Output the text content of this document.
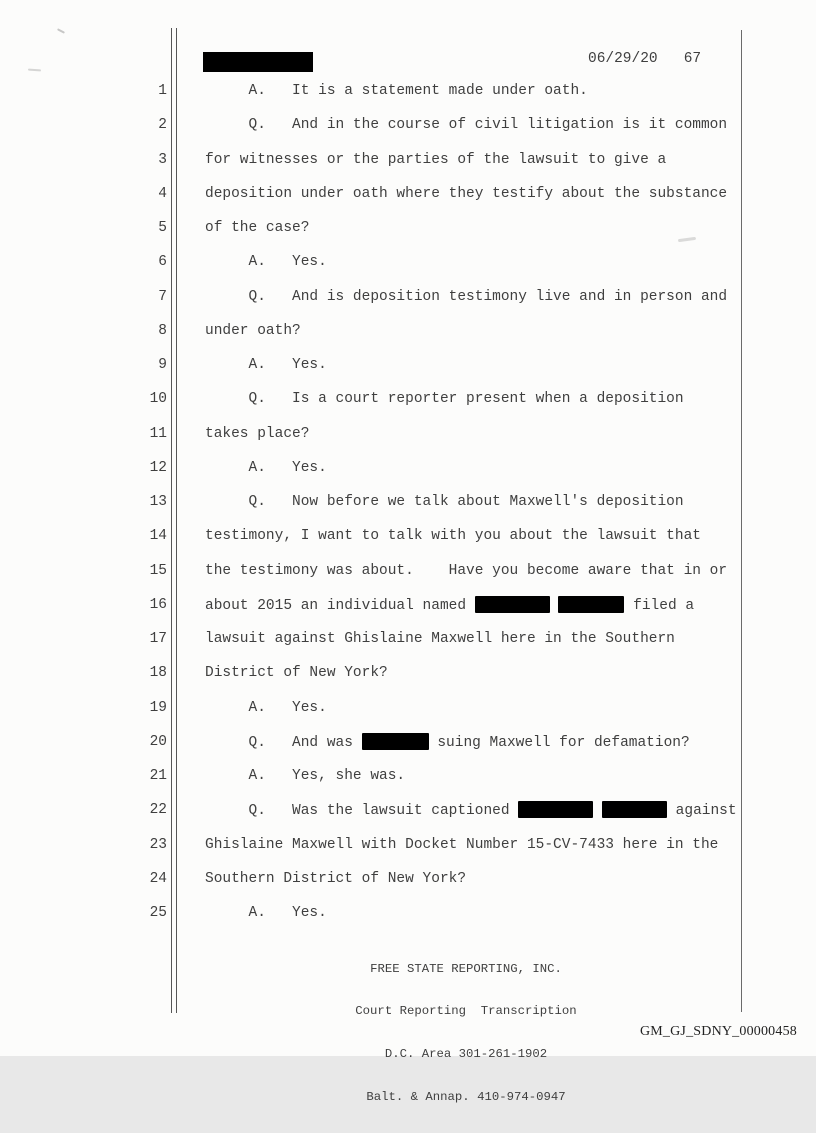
06/29/20   67
1	A.   It is a statement made under oath.
2	Q.   And in the course of civil litigation is it common
3	for witnesses or the parties of the lawsuit to give a
4	deposition under oath where they testify about the substance
5	of the case?
6	A.   Yes.
7	Q.   And is deposition testimony live and in person and
8	under oath?
9	A.   Yes.
10	Q.   Is a court reporter present when a deposition
11	takes place?
12	A.   Yes.
13	Q.   Now before we talk about Maxwell's deposition
14	testimony, I want to talk with you about the lawsuit that
15	the testimony was about.    Have you become aware that in or
16	about 2015 an individual named	filed a
17	lawsuit against Ghislaine Maxwell here in the Southern
18	District of New York?
19	A.   Yes.
20	Q.   And was	suing Maxwell for defamation?
21	A.   Yes, she was.
22	Q.   Was the lawsuit captioned	against
23	Ghislaine Maxwell with Docket Number 15-CV-7433 here in the
24	Southern District of New York?
25	A.   Yes.

FREE STATE REPORTING, INC.

Court Reporting  Transcription

D.C. Area 301-261-1902

Balt. & Annap. 410-974-0947

GM_GJ_SDNY_00000458
